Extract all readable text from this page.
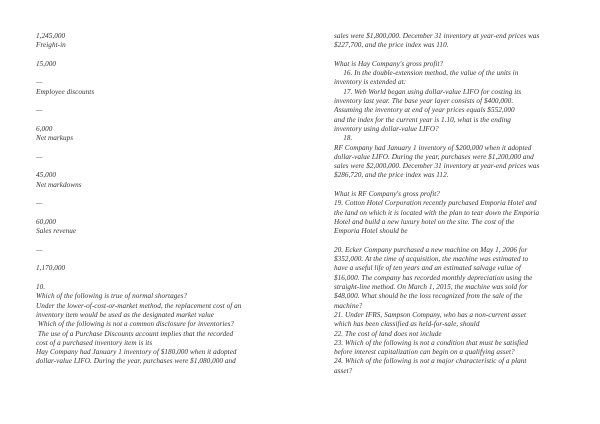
1,245,000
Freight-in
15,000
—
Employee discounts
—
6,000
Net markups
—
45,000
Net markdowns
—
60,000
Sales revenue
—
1,170,000
10.
Which of the following is true of normal shortages?
Under the lower-of-cost-or-market method, the replacement cost of an
inventory item would be used as the designated market value
Which of the following is not a common disclosure for inventories?
The use of a Purchase Discounts account implies that the recorded
cost of a purchased inventory item is its
Hay Company had January 1 inventory of $180,000 when it adopted
dollar-value LIFO. During the year, purchases were $1,080,000 and
sales were $1,800,000. December 31 inventory at year-end prices was
$227,700, and the price index was 110.
What is Hay Company's gross profit?
16. In the double-extension method, the value of the units in
inventory is extended at:
17. Web World began using dollar-value LIFO for costing its
inventory last year. The base year layer consists of $400,000.
Assuming the inventory at end of year prices equals $552,000
and the index for the current year is 1.10, what is the ending
inventory using dollar-value LIFO?
18.
RF Company had January 1 inventory of $200,000 when it adopted
dollar-value LIFO. During the year, purchases were $1,200,000 and
sales were $2,000,000. December 31 inventory at year-end prices was
$286,720, and the price index was 112.
What is RF Company's gross profit?
19. Cotton Hotel Corporation recently purchased Emporia Hotel and
the land on which it is located with the plan to tear down the Emporia
Hotel and build a new luxury hotel on the site. The cost of the
Emporia Hotel should be
20. Ecker Company purchased a new machine on May 1, 2006 for
$352,000. At the time of acquisition, the machine was estimated to
have a useful life of ten years and an estimated salvage value of
$16,000. The company has recorded monthly depreciation using the
straight-line method. On March 1, 2015, the machine was sold for
$48,000. What should be the loss recognized from the sale of the
machine?
21. Under IFRS, Sampson Company, who has a non-current asset
which has been classified as held-for-sale, should
22. The cost of land does not include
23. Which of the following is not a condition that must be satisfied
before interest capitalization can begin on a qualifying asset?
24. Which of the following is not a major characteristic of a plant
asset?
